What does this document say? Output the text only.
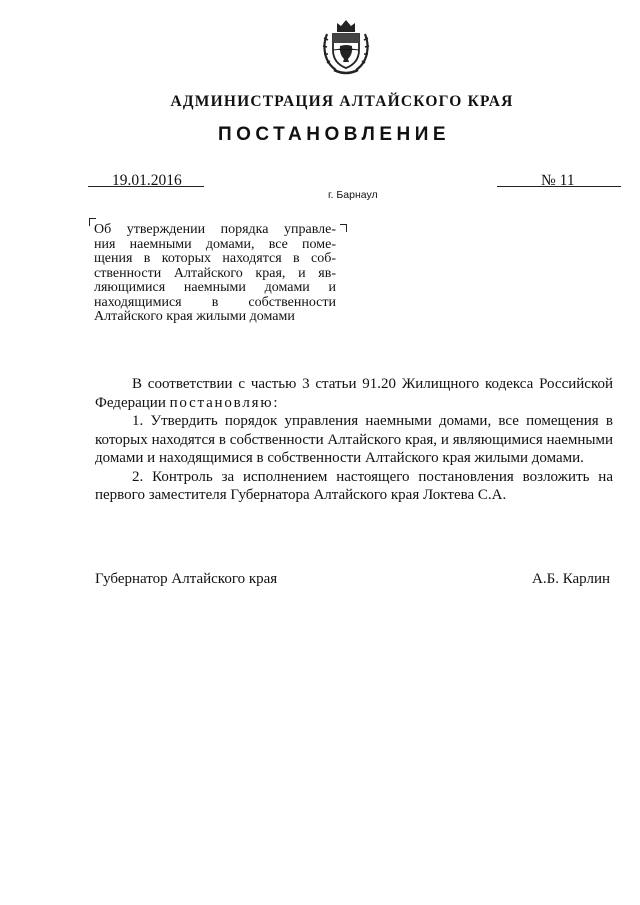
АДМИНИСТРАЦИЯ АЛТАЙСКОГО КРАЯ
ПОСТАНОВЛЕНИЕ
19.01.2016	№ 11
г. Барнаул
Об утверждении порядка управле-
ния наемными домами, все поме-
щения в которых находятся в соб-
ственности Алтайского края, и яв-
ляющимися наемными домами и
находящимися в собственности
Алтайского края жилыми домами

В соответствии с частью 3 статьи 91.20 Жилищного кодекса Российской Федерации постановляю:

1. Утвердить порядок управления наемными домами, все помещения в которых находятся в собственности Алтайского края, и являющимися наемными домами и находящимися в собственности Алтайского края жилыми домами.

2. Контроль за исполнением настоящего постановления возложить на первого заместителя Губернатора Алтайского края Локтева С.А.

Губернатор Алтайского края	А.Б. Карлин
